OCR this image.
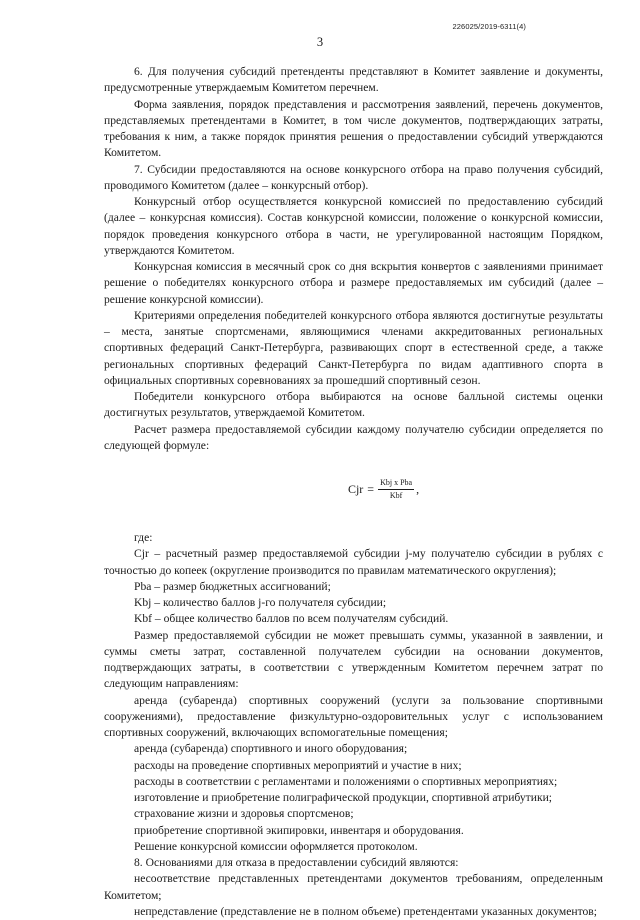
226025/2019-6311(4)
3

6. Для получения субсидий претенденты представляют в Комитет заявление и документы, предусмотренные утверждаемым Комитетом перечнем.

Форма заявления, порядок представления и рассмотрения заявлений, перечень документов, представляемых претендентами в Комитет, в том числе документов, подтверждающих затраты, требования к ним, а также порядок принятия решения о предоставлении субсидий утверждаются Комитетом.

7. Субсидии предоставляются на основе конкурсного отбора на право получения субсидий, проводимого Комитетом (далее – конкурсный отбор).

Конкурсный отбор осуществляется конкурсной комиссией по предоставлению субсидий (далее – конкурсная комиссия). Состав конкурсной комиссии, положение о конкурсной комиссии, порядок проведения конкурсного отбора в части, не урегулированной настоящим Порядком, утверждаются Комитетом.

Конкурсная комиссия в месячный срок со дня вскрытия конвертов с заявлениями принимает решение о победителях конкурсного отбора и размере предоставляемых им субсидий (далее – решение конкурсной комиссии).

Критериями определения победителей конкурсного отбора являются достигнутые результаты – места, занятые спортсменами, являющимися членами аккредитованных региональных спортивных федераций Санкт-Петербурга, развивающих спорт в естественной среде, а также региональных спортивных федераций Санкт-Петербурга по видам адаптивного спорта в официальных спортивных соревнованиях за прошедший спортивный сезон.

Победители конкурсного отбора выбираются на основе балльной системы оценки достигнутых результатов, утверждаемой Комитетом.

Расчет размера предоставляемой субсидии каждому получателю субсидии определяется по следующей формуле:

Cjr = $\frac{\text{Kbj x Pba}}{\text{Kbf}}$ ,

где:

Cjr – расчетный размер предоставляемой субсидии j-му получателю субсидии в рублях с точностью до копеек (округление производится по правилам математического округления);

Pba – размер бюджетных ассигнований;

Kbj – количество баллов j-го получателя субсидии;

Kbf – общее количество баллов по всем получателям субсидий.

Размер предоставляемой субсидии не может превышать суммы, указанной в заявлении, и суммы сметы затрат, составленной получателем субсидии на основании документов, подтверждающих затраты, в соответствии с утвержденным Комитетом перечнем затрат по следующим направлениям:

аренда (субаренда) спортивных сооружений (услуги за пользование спортивными сооружениями), предоставление физкультурно-оздоровительных услуг с использованием спортивных сооружений, включающих вспомогательные помещения;

аренда (субаренда) спортивного и иного оборудования;

расходы на проведение спортивных мероприятий и участие в них;

расходы в соответствии с регламентами и положениями о спортивных мероприятиях;

изготовление и приобретение полиграфической продукции, спортивной атрибутики;

страхование жизни и здоровья спортсменов;

приобретение спортивной экипировки, инвентаря и оборудования.

Решение конкурсной комиссии оформляется протоколом.

8. Основаниями для отказа в предоставлении субсидий являются:

несоответствие представленных претендентами документов требованиям, определенным Комитетом;

непредставление (представление не в полном объеме) претендентами указанных документов;
